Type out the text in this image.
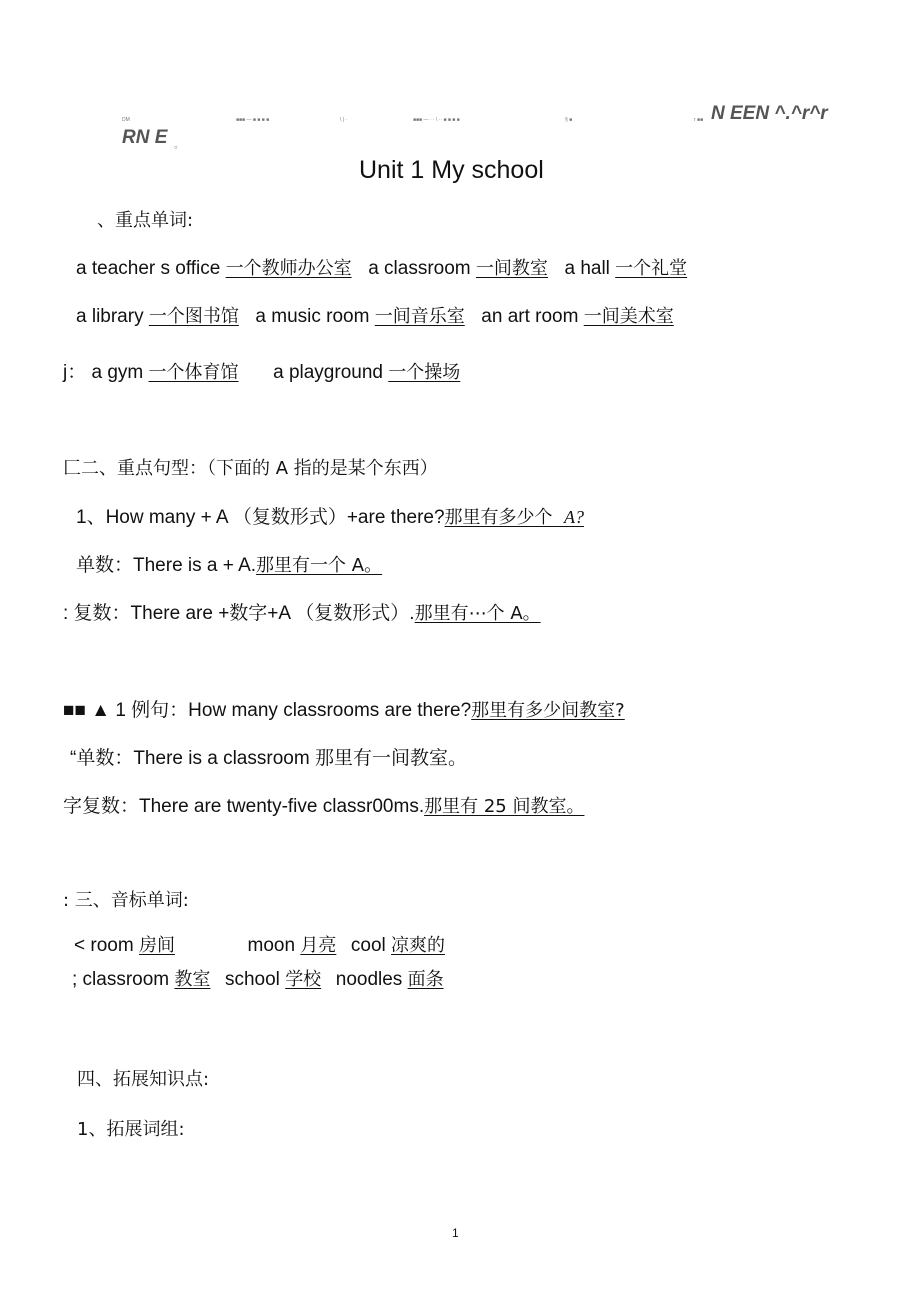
DM	■■■ — ■ ■ ■ ■	\ ) ·	■■■ — · · \ ·· ■ ■ ■ ■	§ ■	r ■■ N EEN ^.^r^r
RN E 。
Unit 1 My school
、重点单词:
a teacher s office 一个教师办公室 a classroom 一间教室 a hall 一个礼堂
a library 一个图书馆 a music room 一间音乐室 an art room 一间美术室
j： a gym 一个体育馆 a playground 一个操场
匚二、重点句型：（下面的 A 指的是某个东西）
1、How many + A （复数形式）+are there?那里有多少个 A?
单数：There is a + A.那里有一个 A。
: 复数：There are +数字+A （复数形式）.那里有⋯个 A。
■■ ▲ 1 例句：How many classrooms are there?那里有多少间教室?
“单数：There is a classroom 那里有一间教室。
字复数：There are twenty-five classr00ms.那里有 25 间教室。
: 三、音标单词:
< room 房间	moon 月亮 cool 凉爽的
; classroom 教室 school 学校 noodles 面条
四、拓展知识点:
1、拓展词组:
1
